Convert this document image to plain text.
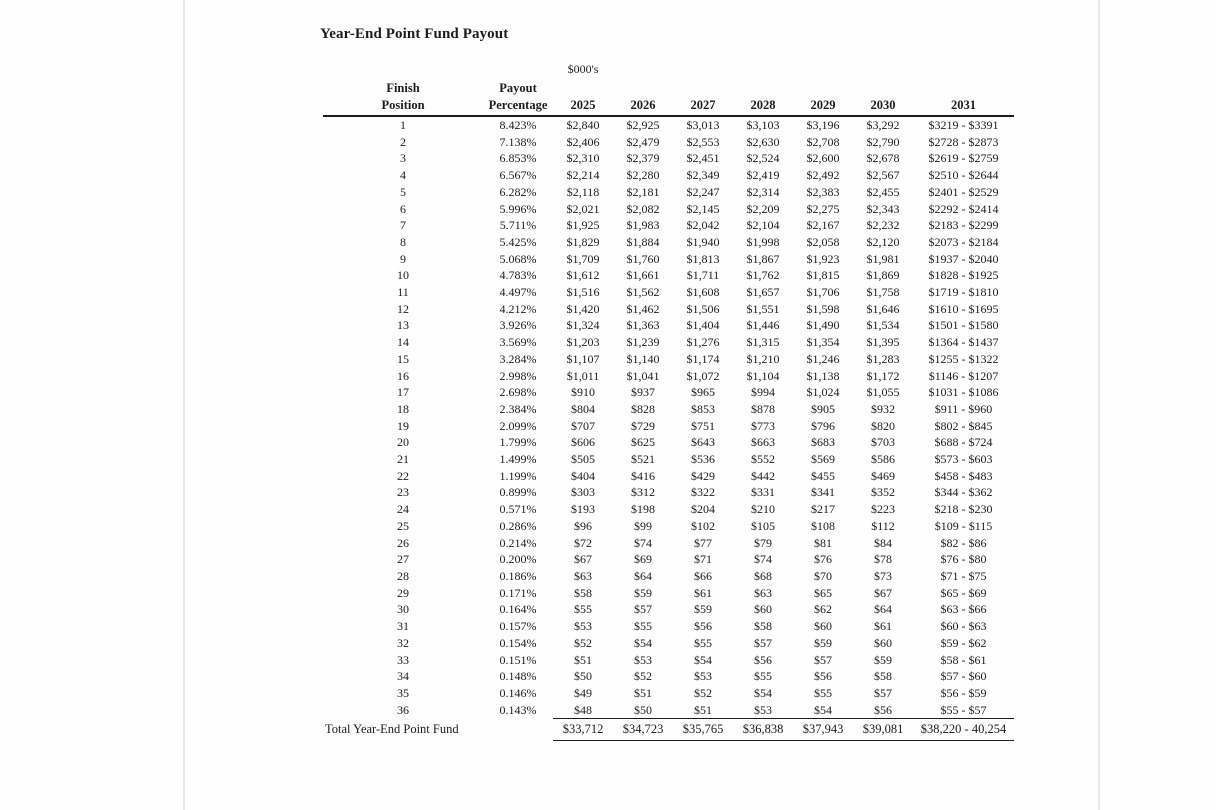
Year-End Point Fund Payout
		$000's						
Finish	Payout							
Position	Percentage	2025	2026	2027	2028	2029	2030	2031
1	8.423%	$2,840	$2,925	$3,013	$3,103	$3,196	$3,292	$3219 - $3391
2	7.138%	$2,406	$2,479	$2,553	$2,630	$2,708	$2,790	$2728 - $2873
3	6.853%	$2,310	$2,379	$2,451	$2,524	$2,600	$2,678	$2619 - $2759
4	6.567%	$2,214	$2,280	$2,349	$2,419	$2,492	$2,567	$2510 - $2644
5	6.282%	$2,118	$2,181	$2,247	$2,314	$2,383	$2,455	$2401 - $2529
6	5.996%	$2,021	$2,082	$2,145	$2,209	$2,275	$2,343	$2292 - $2414
7	5.711%	$1,925	$1,983	$2,042	$2,104	$2,167	$2,232	$2183 - $2299
8	5.425%	$1,829	$1,884	$1,940	$1,998	$2,058	$2,120	$2073 - $2184
9	5.068%	$1,709	$1,760	$1,813	$1,867	$1,923	$1,981	$1937 - $2040
10	4.783%	$1,612	$1,661	$1,711	$1,762	$1,815	$1,869	$1828 - $1925
11	4.497%	$1,516	$1,562	$1,608	$1,657	$1,706	$1,758	$1719 - $1810
12	4.212%	$1,420	$1,462	$1,506	$1,551	$1,598	$1,646	$1610 - $1695
13	3.926%	$1,324	$1,363	$1,404	$1,446	$1,490	$1,534	$1501 - $1580
14	3.569%	$1,203	$1,239	$1,276	$1,315	$1,354	$1,395	$1364 - $1437
15	3.284%	$1,107	$1,140	$1,174	$1,210	$1,246	$1,283	$1255 - $1322
16	2.998%	$1,011	$1,041	$1,072	$1,104	$1,138	$1,172	$1146 - $1207
17	2.698%	$910	$937	$965	$994	$1,024	$1,055	$1031 - $1086
18	2.384%	$804	$828	$853	$878	$905	$932	$911 - $960
19	2.099%	$707	$729	$751	$773	$796	$820	$802 - $845
20	1.799%	$606	$625	$643	$663	$683	$703	$688 - $724
21	1.499%	$505	$521	$536	$552	$569	$586	$573 - $603
22	1.199%	$404	$416	$429	$442	$455	$469	$458 - $483
23	0.899%	$303	$312	$322	$331	$341	$352	$344 - $362
24	0.571%	$193	$198	$204	$210	$217	$223	$218 - $230
25	0.286%	$96	$99	$102	$105	$108	$112	$109 - $115
26	0.214%	$72	$74	$77	$79	$81	$84	$82 - $86
27	0.200%	$67	$69	$71	$74	$76	$78	$76 - $80
28	0.186%	$63	$64	$66	$68	$70	$73	$71 - $75
29	0.171%	$58	$59	$61	$63	$65	$67	$65 - $69
30	0.164%	$55	$57	$59	$60	$62	$64	$63 - $66
31	0.157%	$53	$55	$56	$58	$60	$61	$60 - $63
32	0.154%	$52	$54	$55	$57	$59	$60	$59 - $62
33	0.151%	$51	$53	$54	$56	$57	$59	$58 - $61
34	0.148%	$50	$52	$53	$55	$56	$58	$57 - $60
35	0.146%	$49	$51	$52	$54	$55	$57	$56 - $59
36	0.143%	$48	$50	$51	$53	$54	$56	$55 - $57
Total Year-End Point Fund		$33,712	$34,723	$35,765	$36,838	$37,943	$39,081	$38,220 - 40,254
